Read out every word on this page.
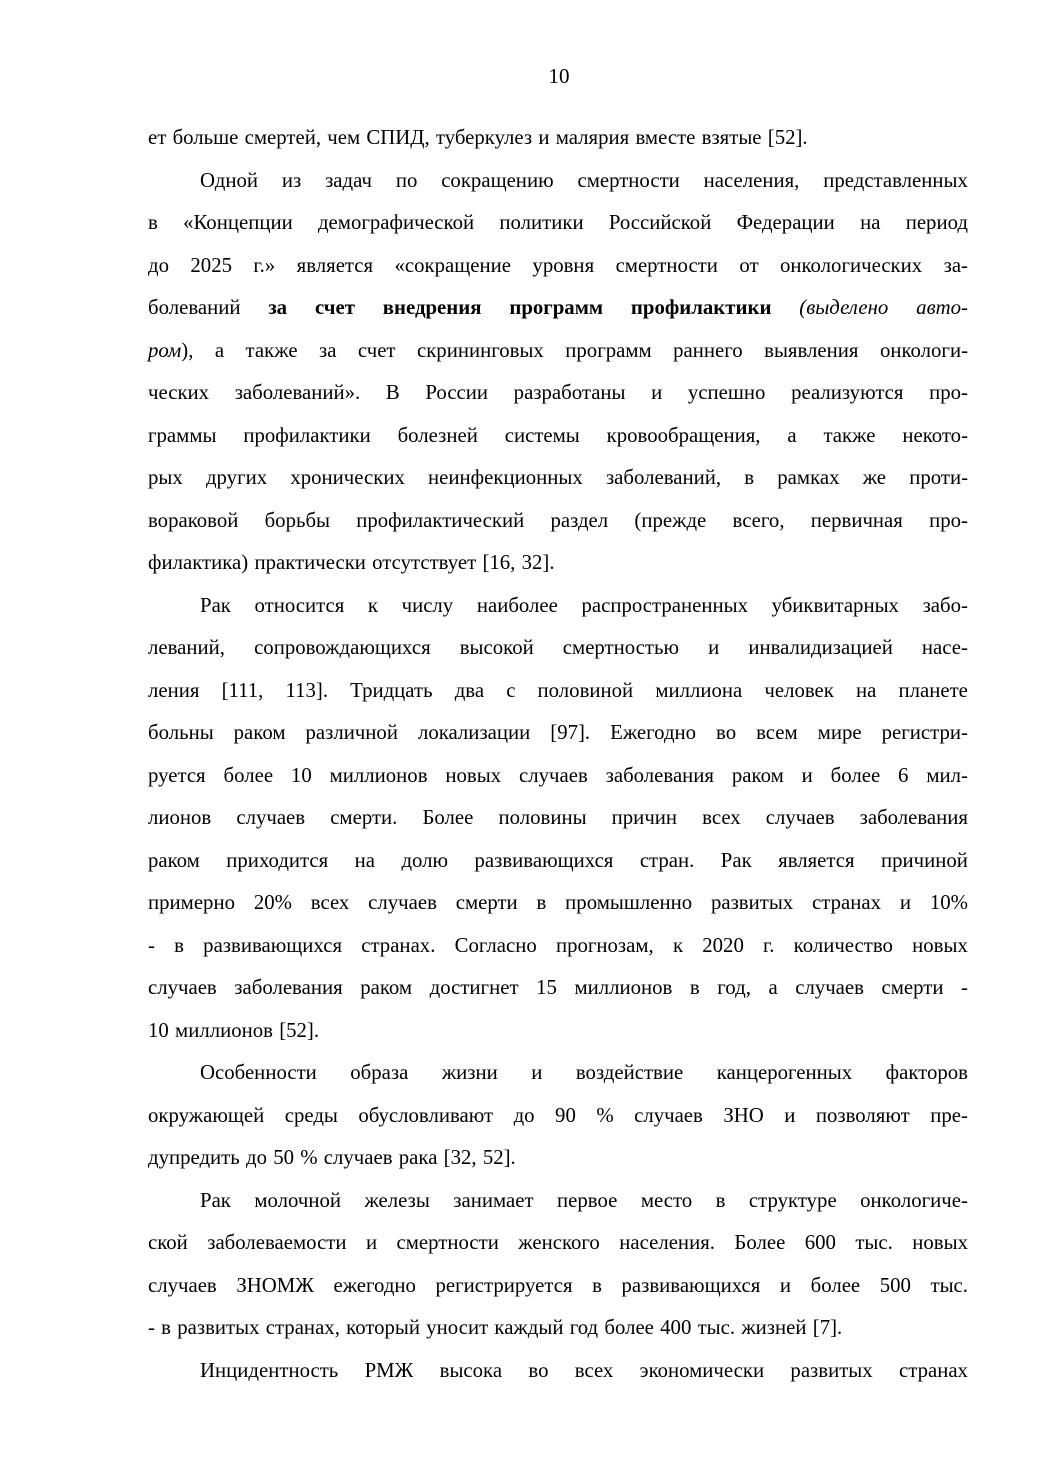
10
ет больше смертей, чем СПИД, туберкулез и малярия вместе взятые [52].
Одной из задач по сокращению смертности населения, представленных
в «Концепции демографической политики Российской Федерации на период
до 2025 г.» является «сокращение уровня смертности от онкологических за-
болеваний за счет внедрения программ профилактики (выделено авто-
ром), а также за счет скрининговых программ раннего выявления онкологи-
ческих заболеваний». В России разработаны и успешно реализуются про-
граммы профилактики болезней системы кровообращения, а также некото-
рых других хронических неинфекционных заболеваний, в рамках же проти-
вораковой борьбы профилактический раздел (прежде всего, первичная про-
филактика) практически отсутствует [16, 32].
Рак относится к числу наиболее распространенных убиквитарных забо-
леваний, сопровождающихся высокой смертностью и инвалидизацией насе-
ления [111, 113]. Тридцать два с половиной миллиона человек на планете
больны раком различной локализации [97]. Ежегодно во всем мире регистри-
руется более 10 миллионов новых случаев заболевания раком и более 6 мил-
лионов случаев смерти. Более половины причин всех случаев заболевания
раком приходится на долю развивающихся стран. Рак является причиной
примерно 20% всех случаев смерти в промышленно развитых странах и 10%
- в развивающихся странах. Согласно прогнозам, к 2020 г. количество новых
случаев заболевания раком достигнет 15 миллионов в год, а случаев смерти -
10 миллионов [52].
Особенности образа жизни и воздействие канцерогенных факторов
окружающей среды обусловливают до 90 % случаев ЗНО и позволяют пре-
дупредить до 50 % случаев рака [32, 52].
Рак молочной железы занимает первое место в структуре онкологиче-
ской заболеваемости и смертности женского населения. Более 600 тыс. новых
случаев ЗНОМЖ ежегодно регистрируется в развивающихся и более 500 тыс.
- в развитых странах, который уносит каждый год более 400 тыс. жизней [7].
Инцидентность РМЖ высока во всех экономически развитых странах
